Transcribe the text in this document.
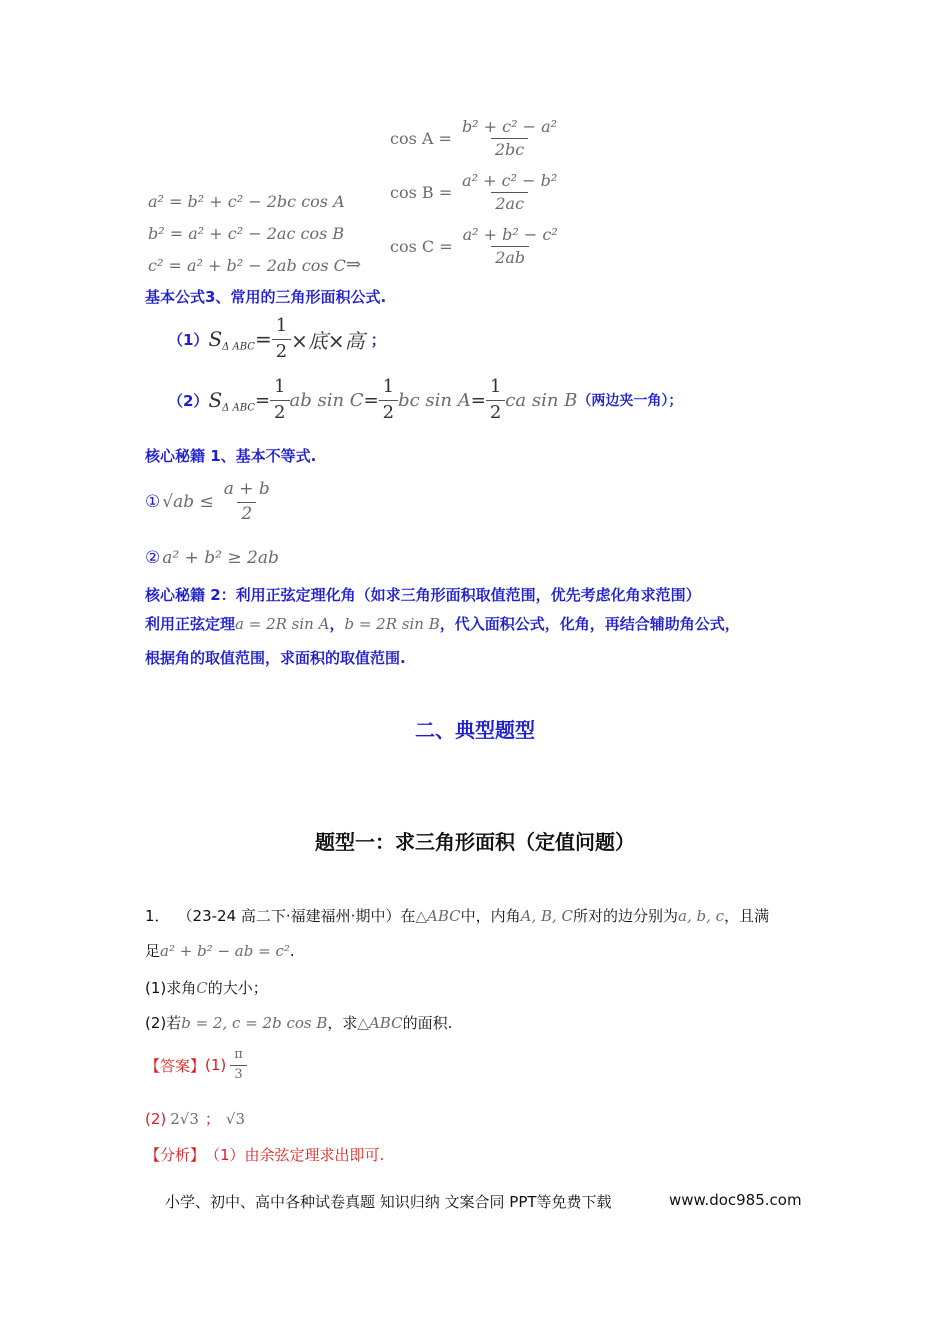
$\cos A = \frac{\text{b² + c² − a²}}{2bc}$
$\cos B = \frac{\text{a² + c² − b²}}{2ac}$
$\cos C = \frac{\text{a² + b² − c²}}{2ab}$
a² = b² + c² − 2bc cos A
b² = a² + c² − 2ac cos B
c² = a² + b² − 2ab cos C ⇒
基本公式3、常用的三角形面积公式.
（1） $S_{\Delta ABC} = \frac{1}{2}$ ×底×高 ；
（2） $S_{\Delta ABC} = \frac{1}{2}$ ab $\sin C = \frac{1}{2}$ bc $\sin A = \frac{1}{2}$ ca sin B （两边夹一角）；
核心秘籍 1、基本不等式.
① $√ab \le \frac{a + b}{2}$
② a² + b² ≥ 2ab
核心秘籍 2：利用正弦定理化角（如求三角形面积取值范围，优先考虑化角求范围）
利用正弦定理 a = 2R sin A ， b = 2R sin B ，代入面积公式，化角，再结合辅助角公式，
根据角的取值范围，求面积的取值范围.
二、典型题型
题型一：求三角形面积（定值问题）
1． （23-24 高二下·福建福州·期中）在 △ABC 中，内角 A, B, C 所对的边分别为 a, b, c ，且满
足 a² + b² − ab = c² .
(1)求角 C 的大小；
(2)若 b = 2, c = 2b cos B ，求 △ABC 的面积.
【答案】 $(1) \frac{\pi}{3}$
(2) 2√3 ； √3
【分析】 （1）由余弦定理求出即可.
小学、初中、高中各种试卷真题 知识归纳 文案合同 PPT等免费下载	www.doc985.com
